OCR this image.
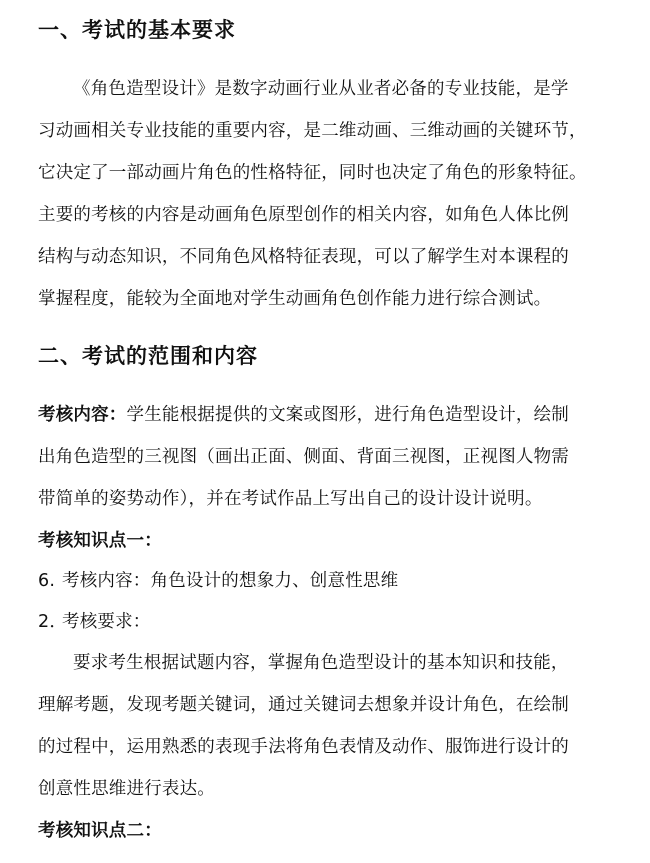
一、考试的基本要求
《角色造型设计》是数字动画行业从业者必备的专业技能，是学
习动画相关专业技能的重要内容，是二维动画、三维动画的关键环节，
它决定了一部动画片角色的性格特征，同时也决定了角色的形象特征。
主要的考核的内容是动画角色原型创作的相关内容，如角色人体比例
结构与动态知识，不同角色风格特征表现，可以了解学生对本课程的
掌握程度，能较为全面地对学生动画角色创作能力进行综合测试。
二、考试的范围和内容
考核内容：学生能根据提供的文案或图形，进行角色造型设计，绘制
出角色造型的三视图（画出正面、侧面、背面三视图，正视图人物需
带简单的姿势动作），并在考试作品上写出自己的设计设计说明。
考核知识点一：
6. 考核内容：角色设计的想象力、创意性思维
2．考核要求：
要求考生根据试题内容，掌握角色造型设计的基本知识和技能，
理解考题，发现考题关键词，通过关键词去想象并设计角色，在绘制
的过程中，运用熟悉的表现手法将角色表情及动作、服饰进行设计的
创意性思维进行表达。
考核知识点二：
